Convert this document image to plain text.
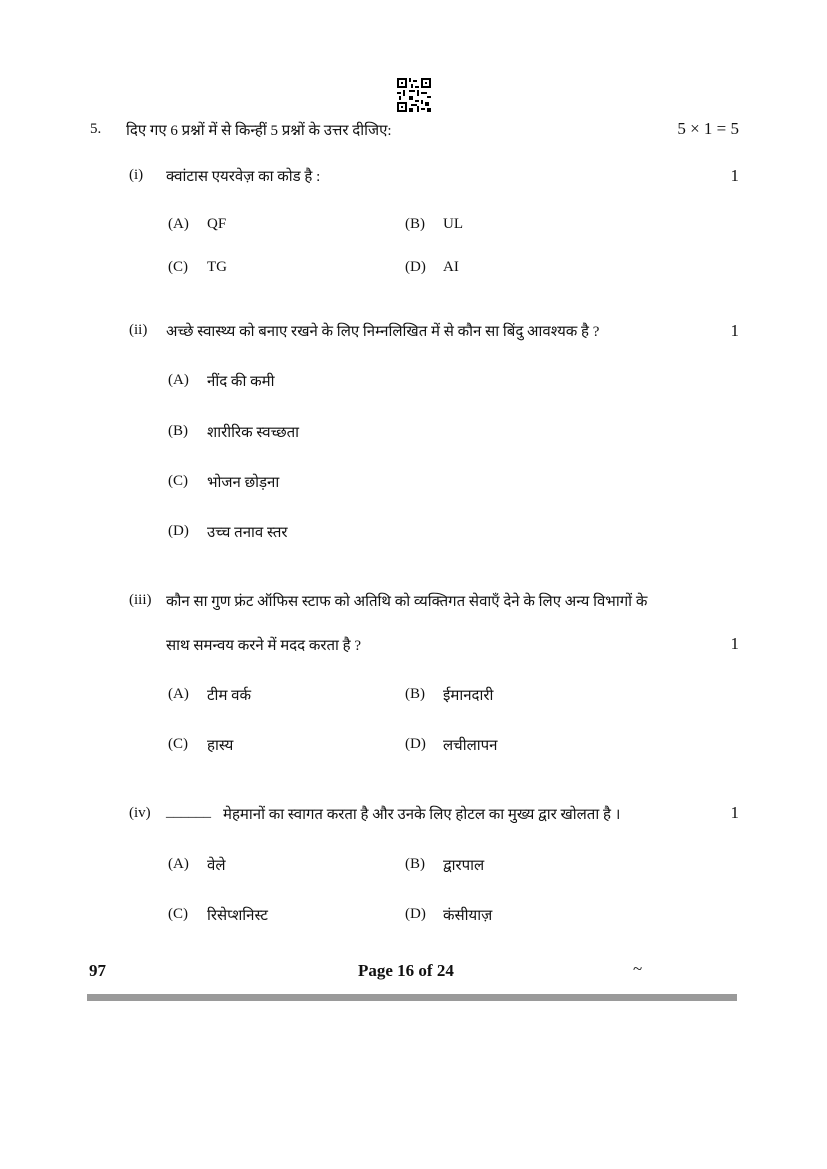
5. दिए गए 6 प्रश्नों में से किन्हीं 5 प्रश्नों के उत्तर दीजिए:	5 × 1 = 5
(i) क्वांटास एयरवेज़ का कोड है :	1
(A) QF	(B) UL
(C) TG	(D) AI
(ii) अच्छे स्वास्थ्य को बनाए रखने के लिए निम्नलिखित में से कौन सा बिंदु आवश्यक है ?	1
(A) नींद की कमी
(B) शारीरिक स्वच्छता
(C) भोजन छोड़ना
(D) उच्च तनाव स्तर
(iii) कौन सा गुण फ्रंट ऑफिस स्टाफ को अतिथि को व्यक्तिगत सेवाएँ देने के लिए अन्य विभागों के
साथ समन्वय करने में मदद करता है ?	1
(A) टीम वर्क	(B) ईमानदारी
(C) हास्य	(D) लचीलापन
(iv) ______ मेहमानों का स्वागत करता है और उनके लिए होटल का मुख्य द्वार खोलता है ।	1
(A) वेले	(B) द्वारपाल
(C) रिसेप्शनिस्ट	(D) कंसीयाज़
97	Page 16 of 24	~
